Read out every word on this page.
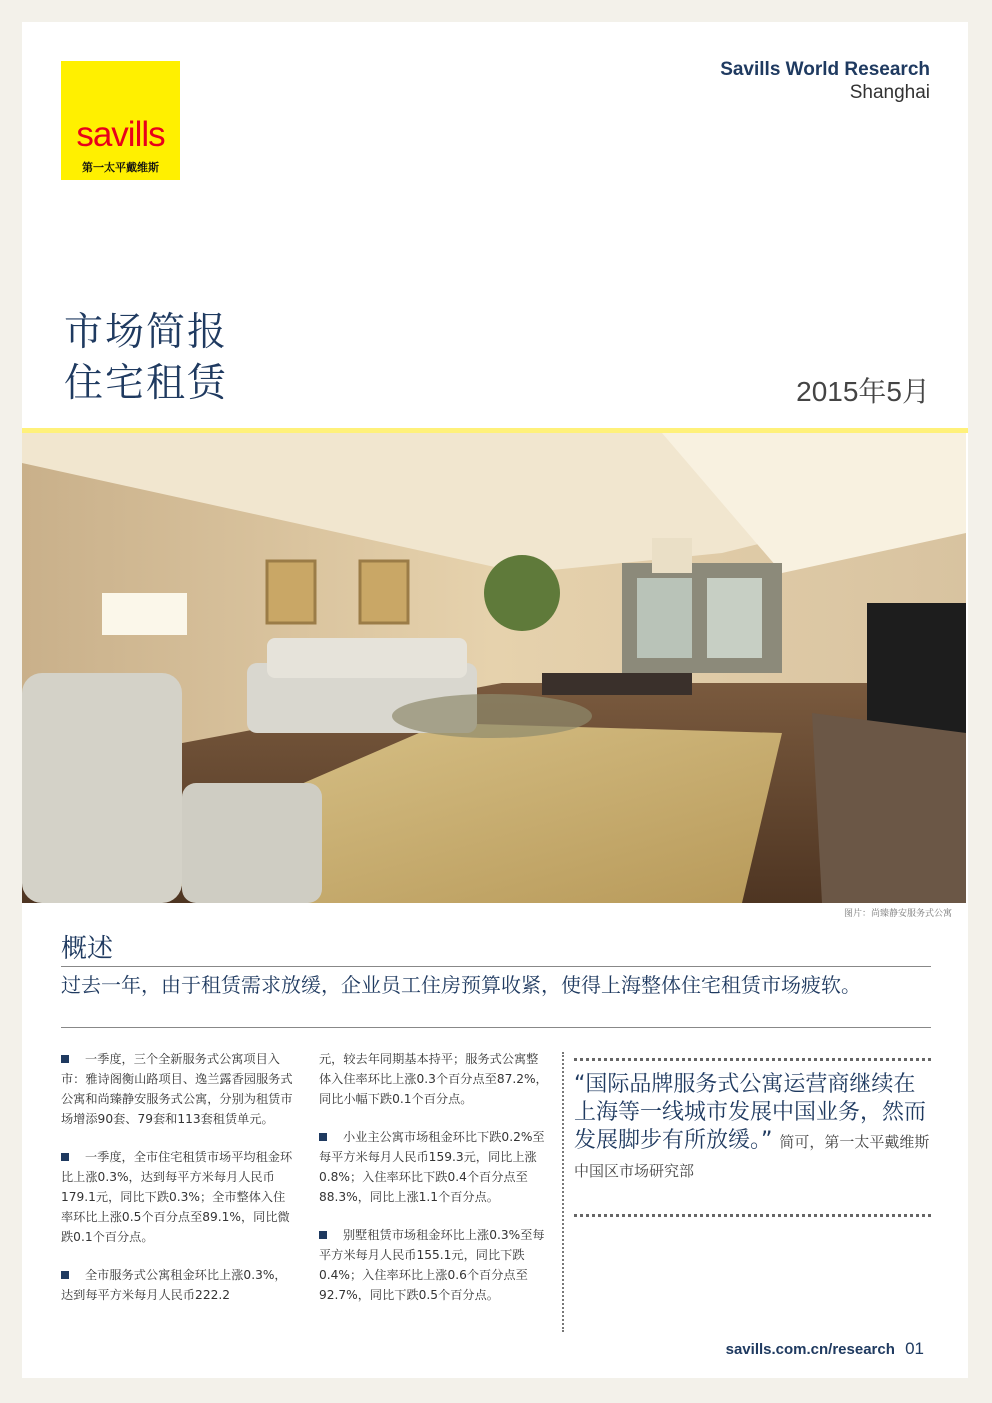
savills
第一太平戴维斯
Savills World Research
Shanghai
市场简报
住宅租赁	2015年5月
图片：尚臻静安服务式公寓
概述
过去一年，由于租赁需求放缓，企业员工住房预算收紧，使得上海整体住宅租赁市场疲软。

一季度，三个全新服务式公寓项目入市：雅诗阁衡山路项目、逸兰露香园服务式公寓和尚臻静安服务式公寓，分别为租赁市场增添90套、79套和113套租赁单元。

一季度，全市住宅租赁市场平均租金环比上涨0.3%，达到每平方米每月人民币179.1元，同比下跌0.3%；全市整体入住率环比上涨0.5个百分点至89.1%，同比微跌0.1个百分点。

全市服务式公寓租金环比上涨0.3%，达到每平方米每月人民币222.2

元，较去年同期基本持平；服务式公寓整体入住率环比上涨0.3个百分点至87.2%，同比小幅下跌0.1个百分点。

小业主公寓市场租金环比下跌0.2%至每平方米每月人民币159.3元，同比上涨0.8%；入住率环比下跌0.4个百分点至88.3%，同比上涨1.1个百分点。

别墅租赁市场租金环比上涨0.3%至每平方米每月人民币155.1元，同比下跌0.4%；入住率环比上涨0.6个百分点至92.7%，同比下跌0.5个百分点。

“国际品牌服务式公寓运营商继续在上海等一线城市发展中国业务，然而发展脚步有所放缓。” 简可，第一太平戴维斯中国区市场研究部
savills.com.cn/research 01
